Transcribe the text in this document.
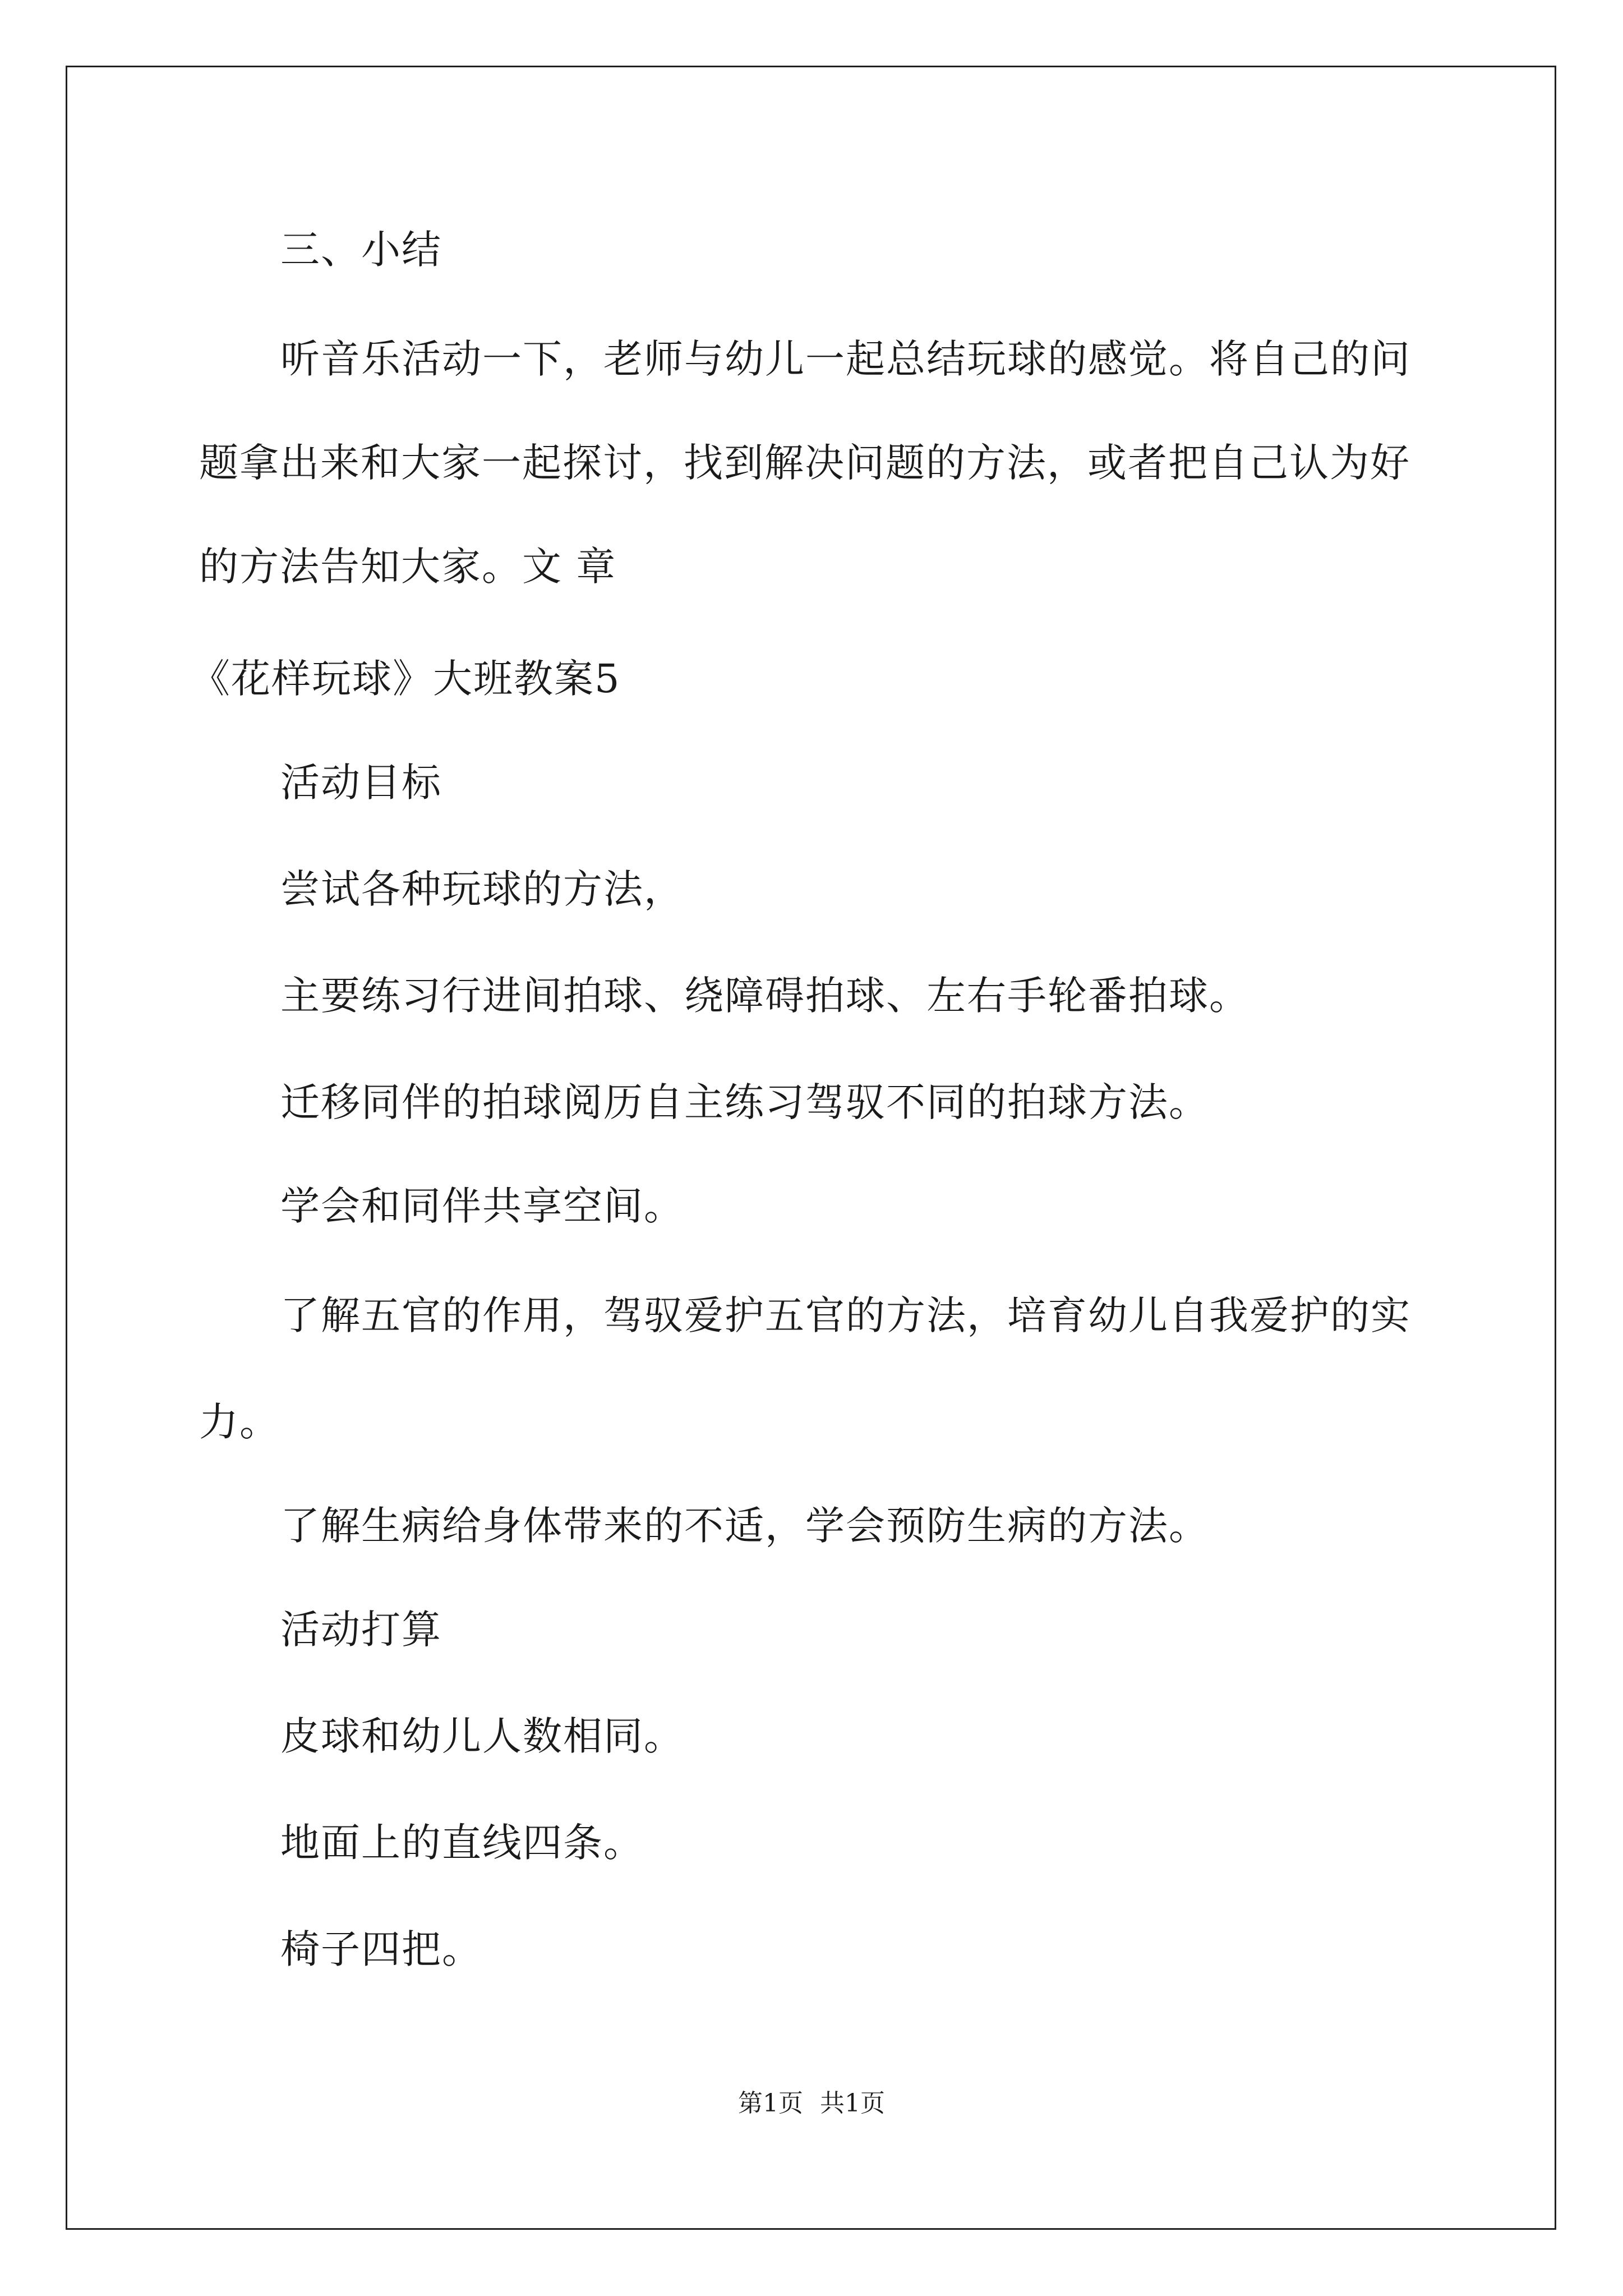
三、小结
听音乐活动一下，老师与幼儿一起总结玩球的感觉。将自己的问
题拿出来和大家一起探讨，找到解决问题的方法，或者把自己认为好
的方法告知大家。文 章
《花样玩球》大班教案5
活动目标
尝试各种玩球的方法，
主要练习行进间拍球、绕障碍拍球、左右手轮番拍球。
迁移同伴的拍球阅历自主练习驾驭不同的拍球方法。
学会和同伴共享空间。
了解五官的作用，驾驭爱护五官的方法，培育幼儿自我爱护的实
力。
了解生病给身体带来的不适，学会预防生病的方法。
活动打算
皮球和幼儿人数相同。
地面上的直线四条。
椅子四把。
第1页 共1页
